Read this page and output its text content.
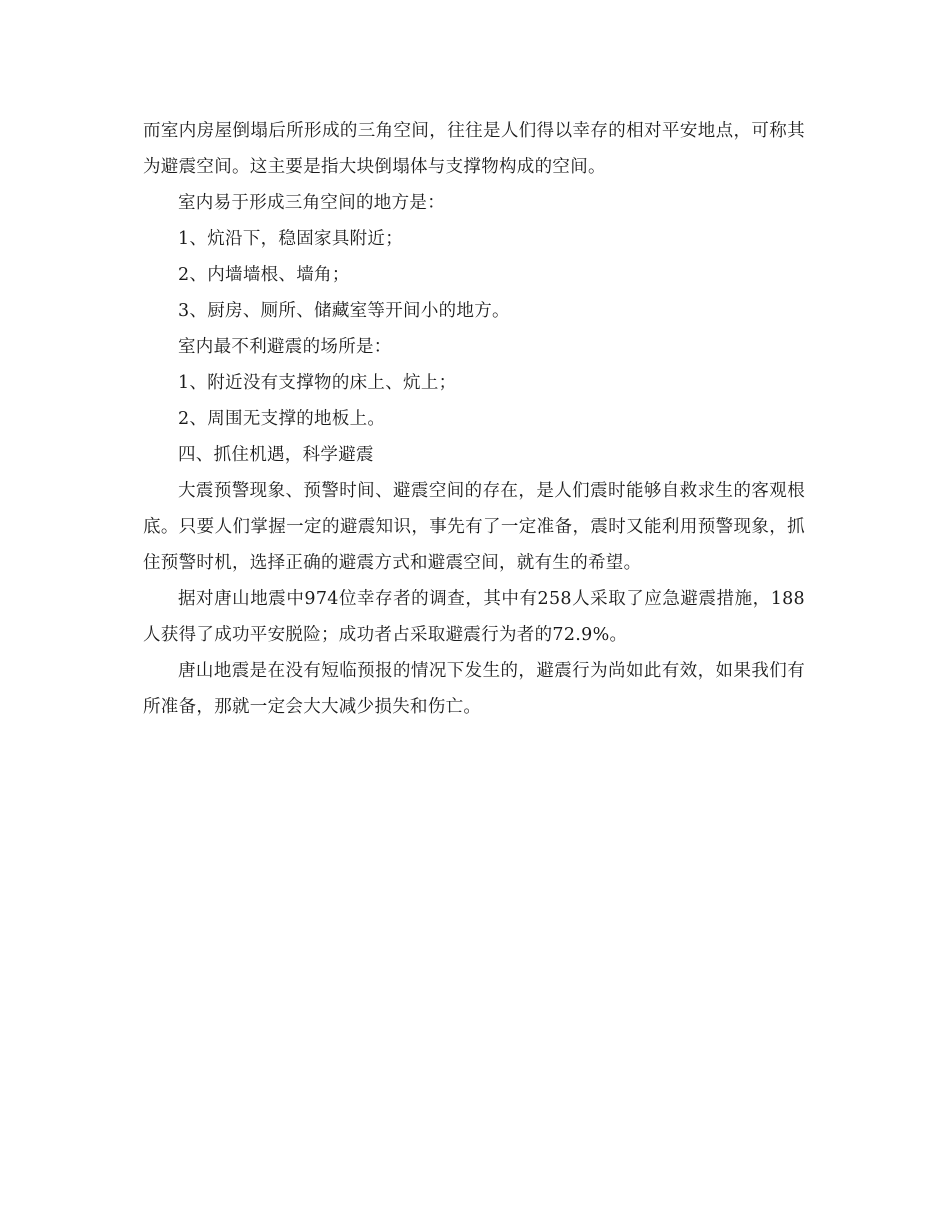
而室内房屋倒塌后所形成的三角空间，往往是人们得以幸存的相对平安地点，可称其为避震空间。这主要是指大块倒塌体与支撑物构成的空间。

室内易于形成三角空间的地方是：

1、炕沿下，稳固家具附近；

2、内墙墙根、墙角；

3、厨房、厕所、储藏室等开间小的地方。

室内最不利避震的场所是：

1、附近没有支撑物的床上、炕上；

2、周围无支撑的地板上。

四、抓住机遇，科学避震

大震预警现象、预警时间、避震空间的存在，是人们震时能够自救求生的客观根底。只要人们掌握一定的避震知识，事先有了一定准备，震时又能利用预警现象，抓住预警时机，选择正确的避震方式和避震空间，就有生的希望。

据对唐山地震中974位幸存者的调查，其中有258人采取了应急避震措施，188人获得了成功平安脱险；成功者占采取避震行为者的72.9%。

唐山地震是在没有短临预报的情况下发生的，避震行为尚如此有效，如果我们有所准备，那就一定会大大减少损失和伤亡。
